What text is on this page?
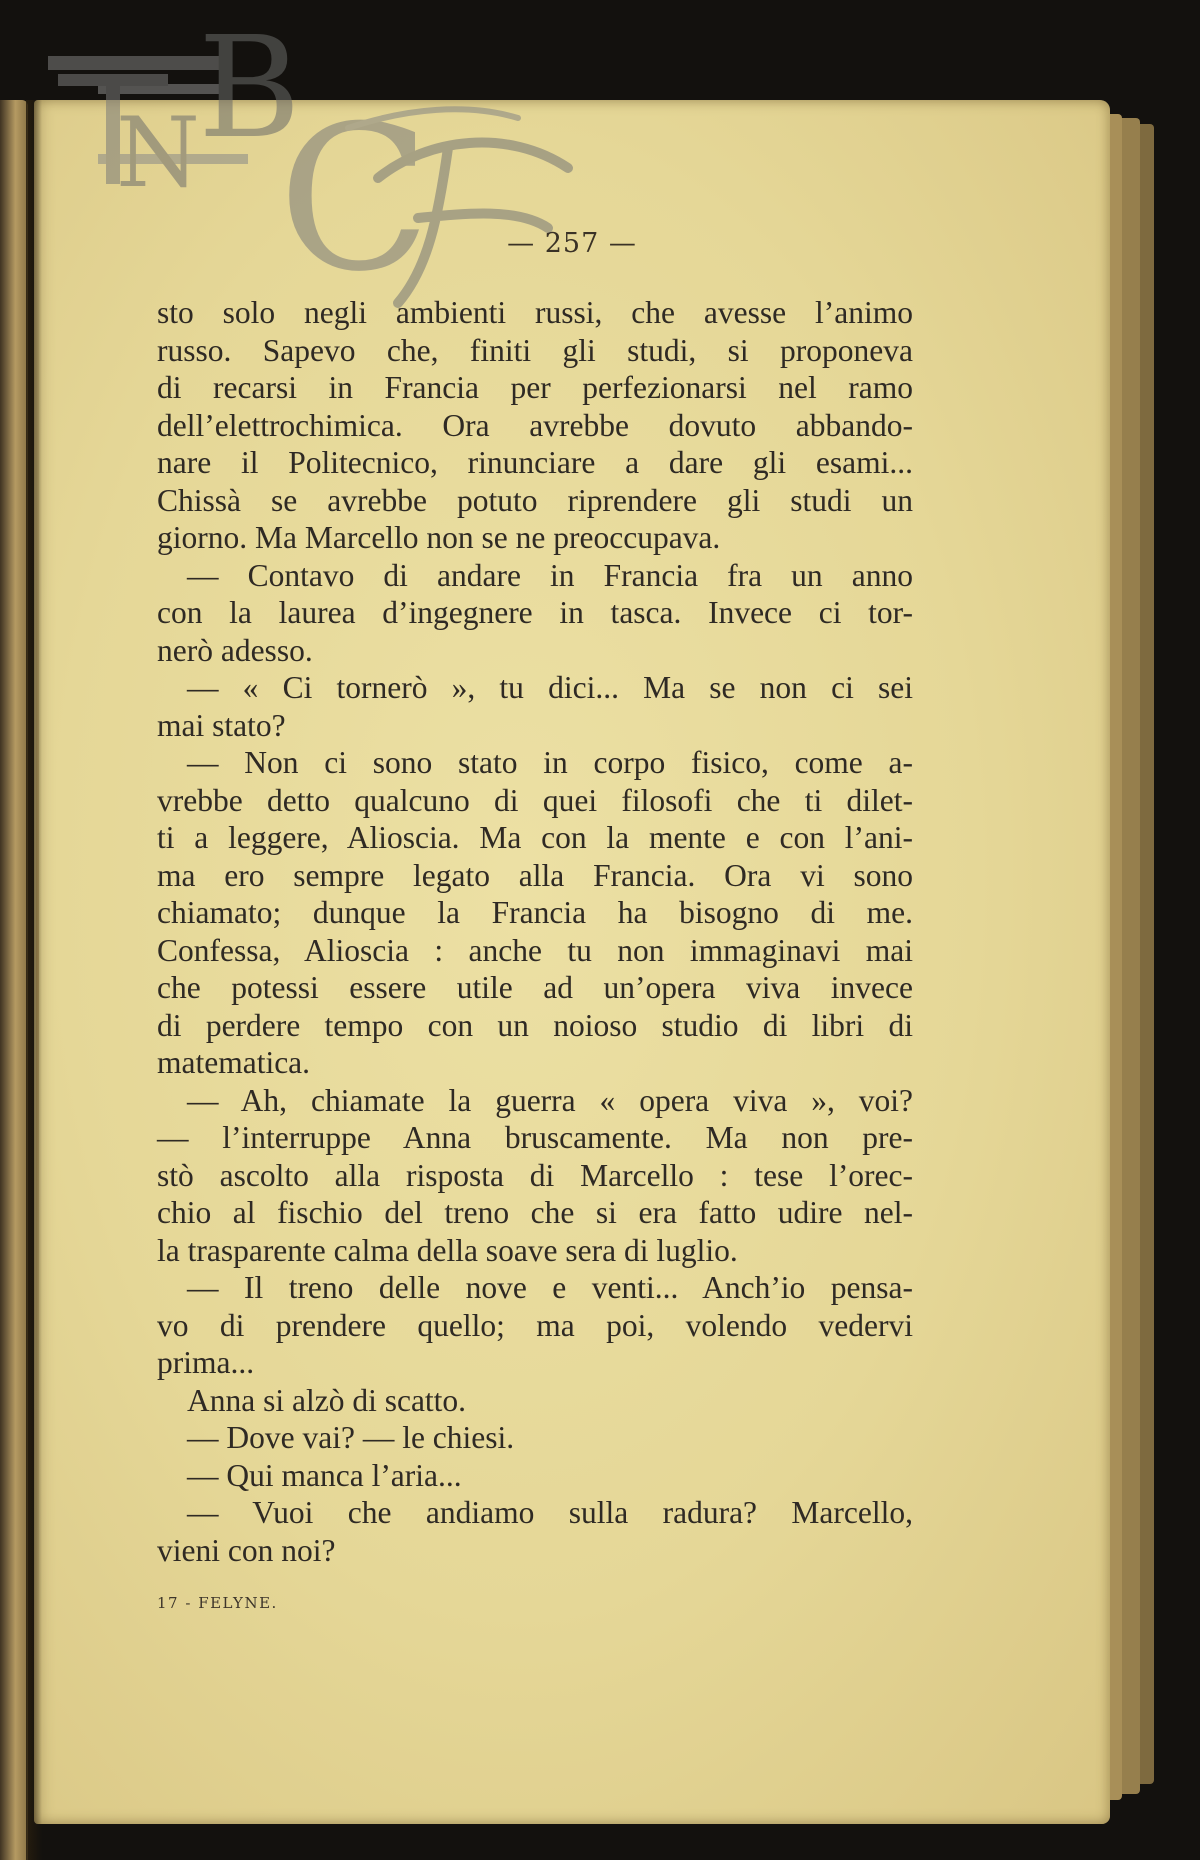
— 257 —
sto solo negli ambienti russi, che avesse l’animo
russo. Sapevo che, finiti gli studi, si proponeva
di recarsi in Francia per perfezionarsi nel ramo
dell’elettrochimica. Ora avrebbe dovuto abbando-
nare il Politecnico, rinunciare a dare gli esami...
Chissà se avrebbe potuto riprendere gli studi un
giorno. Ma Marcello non se ne preoccupava.
— Contavo di andare in Francia fra un anno
con la laurea d’ingegnere in tasca. Invece ci tor-
nerò adesso.
— « Ci tornerò », tu dici... Ma se non ci sei
mai stato?
— Non ci sono stato in corpo fisico, come a-
vrebbe detto qualcuno di quei filosofi che ti dilet-
ti a leggere, Alioscia. Ma con la mente e con l’ani-
ma ero sempre legato alla Francia. Ora vi sono
chiamato; dunque la Francia ha bisogno di me.
Confessa, Alioscia : anche tu non immaginavi mai
che potessi essere utile ad un’opera viva invece
di perdere tempo con un noioso studio di libri di
matematica.
— Ah, chiamate la guerra « opera viva », voi?
— l’interruppe Anna bruscamente. Ma non pre-
stò ascolto alla risposta di Marcello : tese l’orec-
chio al fischio del treno che si era fatto udire nel-
la trasparente calma della soave sera di luglio.
— Il treno delle nove e venti... Anch’io pensa-
vo di prendere quello; ma poi, volendo vedervi
prima...
Anna si alzò di scatto.
— Dove vai? — le chiesi.
— Qui manca l’aria...
— Vuoi che andiamo sulla radura? Marcello,
vieni con noi?
17 - FELYNE.
N
B
C
